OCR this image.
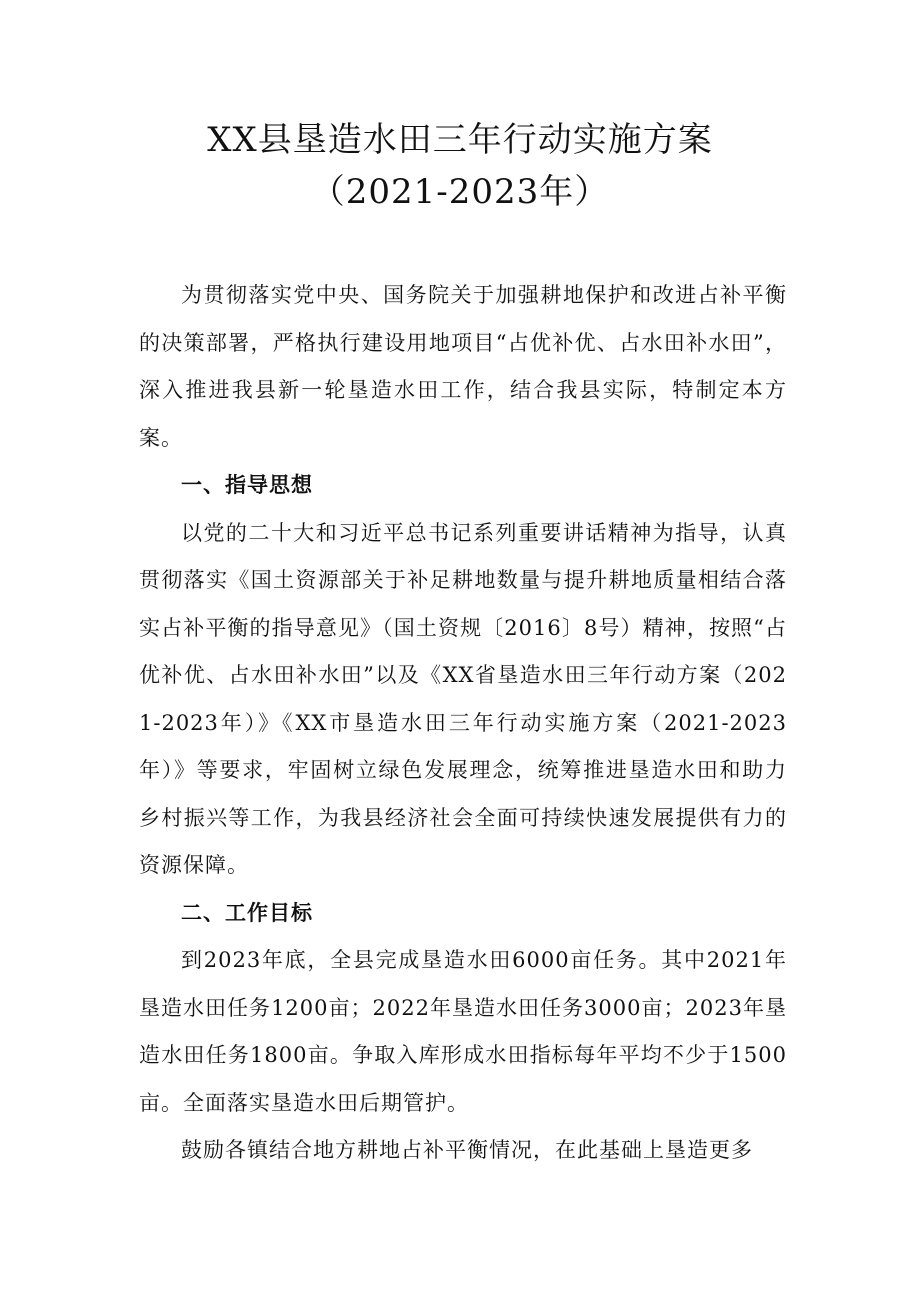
XX县垦造水田三年行动实施方案
（2021-2023年）

为贯彻落实党中央、国务院关于加强耕地保护和改进占补平衡的决策部署，严格执行建设用地项目“占优补优、占水田补水田”，深入推进我县新一轮垦造水田工作，结合我县实际，特制定本方案。

一、指导思想

以党的二十大和习近平总书记系列重要讲话精神为指导，认真贯彻落实《国土资源部关于补足耕地数量与提升耕地质量相结合落实占补平衡的指导意见》（国土资规〔2016〕8号）精神，按照“占优补优、占水田补水田”以及《XX省垦造水田三年行动方案（2021-2023年）》《XX市垦造水田三年行动实施方案（2021-2023年）》等要求，牢固树立绿色发展理念，统筹推进垦造水田和助力乡村振兴等工作，为我县经济社会全面可持续快速发展提供有力的资源保障。

二、工作目标

到2023年底，全县完成垦造水田6000亩任务。其中2021年垦造水田任务1200亩；2022年垦造水田任务3000亩；2023年垦造水田任务1800亩。争取入库形成水田指标每年平均不少于1500亩。全面落实垦造水田后期管护。

鼓励各镇结合地方耕地占补平衡情况，在此基础上垦造更多
